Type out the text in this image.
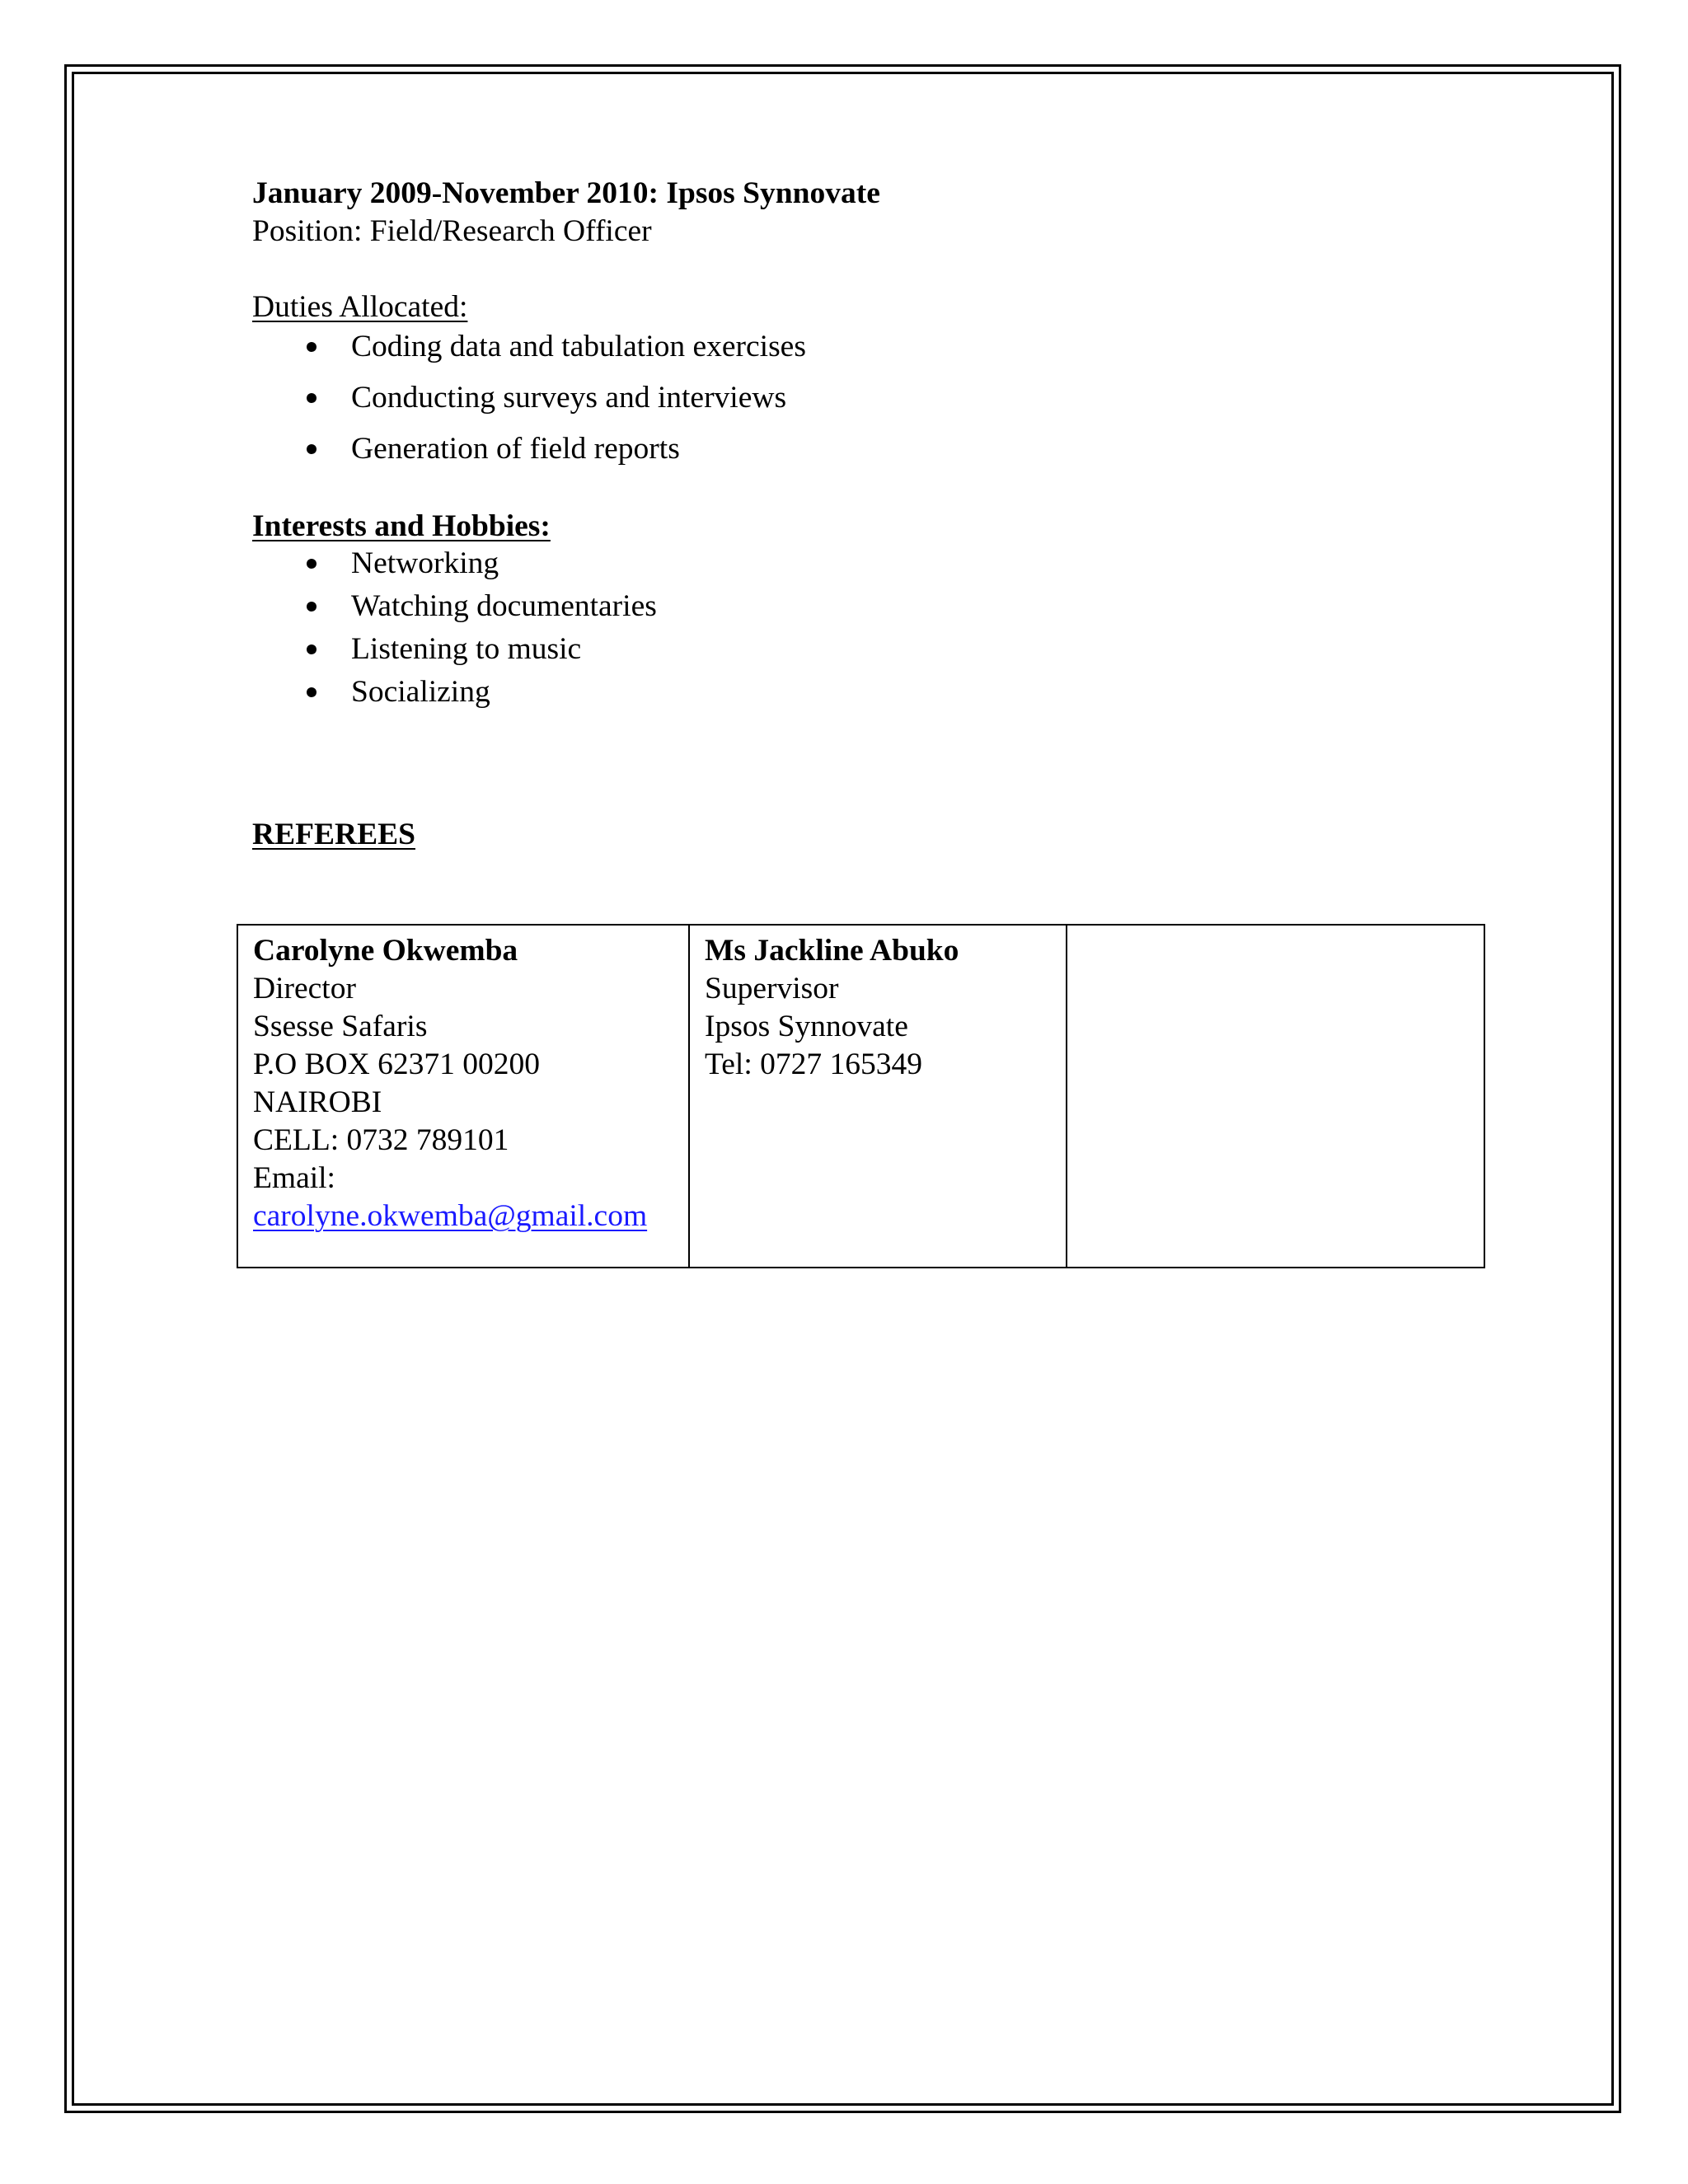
January 2009-November 2010: Ipsos Synnovate
Position: Field/Research Officer
Duties Allocated:
Coding data and tabulation exercises
Conducting surveys and interviews
Generation of field reports
Interests and Hobbies:
Networking
Watching documentaries
Listening to music
Socializing
REFEREES
Carolyne Okwemba
Director
Ssesse Safaris
P.O BOX 62371 00200
NAIROBI
CELL: 0732 789101
Email:
carolyne.okwemba@gmail.com

Ms Jackline Abuko
Supervisor
Ipsos Synnovate
Tel: 0727 165349
